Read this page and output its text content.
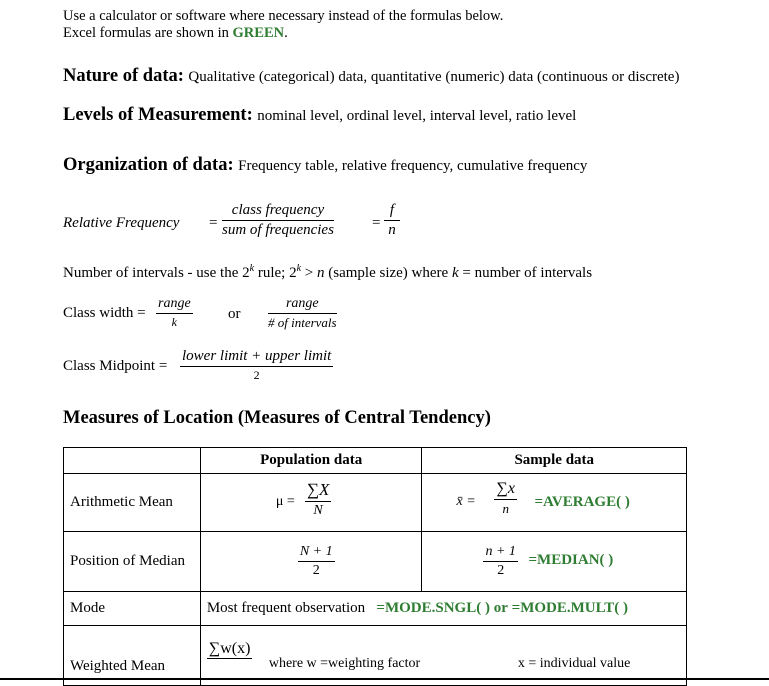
Use a calculator or software where necessary instead of the formulas below.
Excel formulas are shown in GREEN.
Nature of data: Qualitative (categorical) data, quantitative (numeric) data (continuous or discrete)
Levels of Measurement: nominal level, ordinal level, interval level, ratio level
Organization of data: Frequency table, relative frequency, cumulative frequency
Relative Frequency =
class frequency
sum of frequencies	= $\frac{f}{n}$
Number of intervals - use the 2$^k$ rule; $2^k > n$ (sample size) where k = number of intervals
Class width =
range
k	or
range
# of intervals
Class Midpoint =
lower limit + upper limit
2
Measures of Location (Measures of Central Tendency)
	Population data	Sample data
Arithmetic Mean	μ =
∑X
N	x̄ =
∑x
n =AVERAGE( )

Position of Median	$\frac{N + 1}{2}$	$\frac{n + 1}{2}$ =MEDIAN( )

Mode	Most frequent observation =MODE.SNGL( ) or =MODE.MULT( )	
Weighted Mean	∑w(x)
where w =weighting factor x = individual value	
